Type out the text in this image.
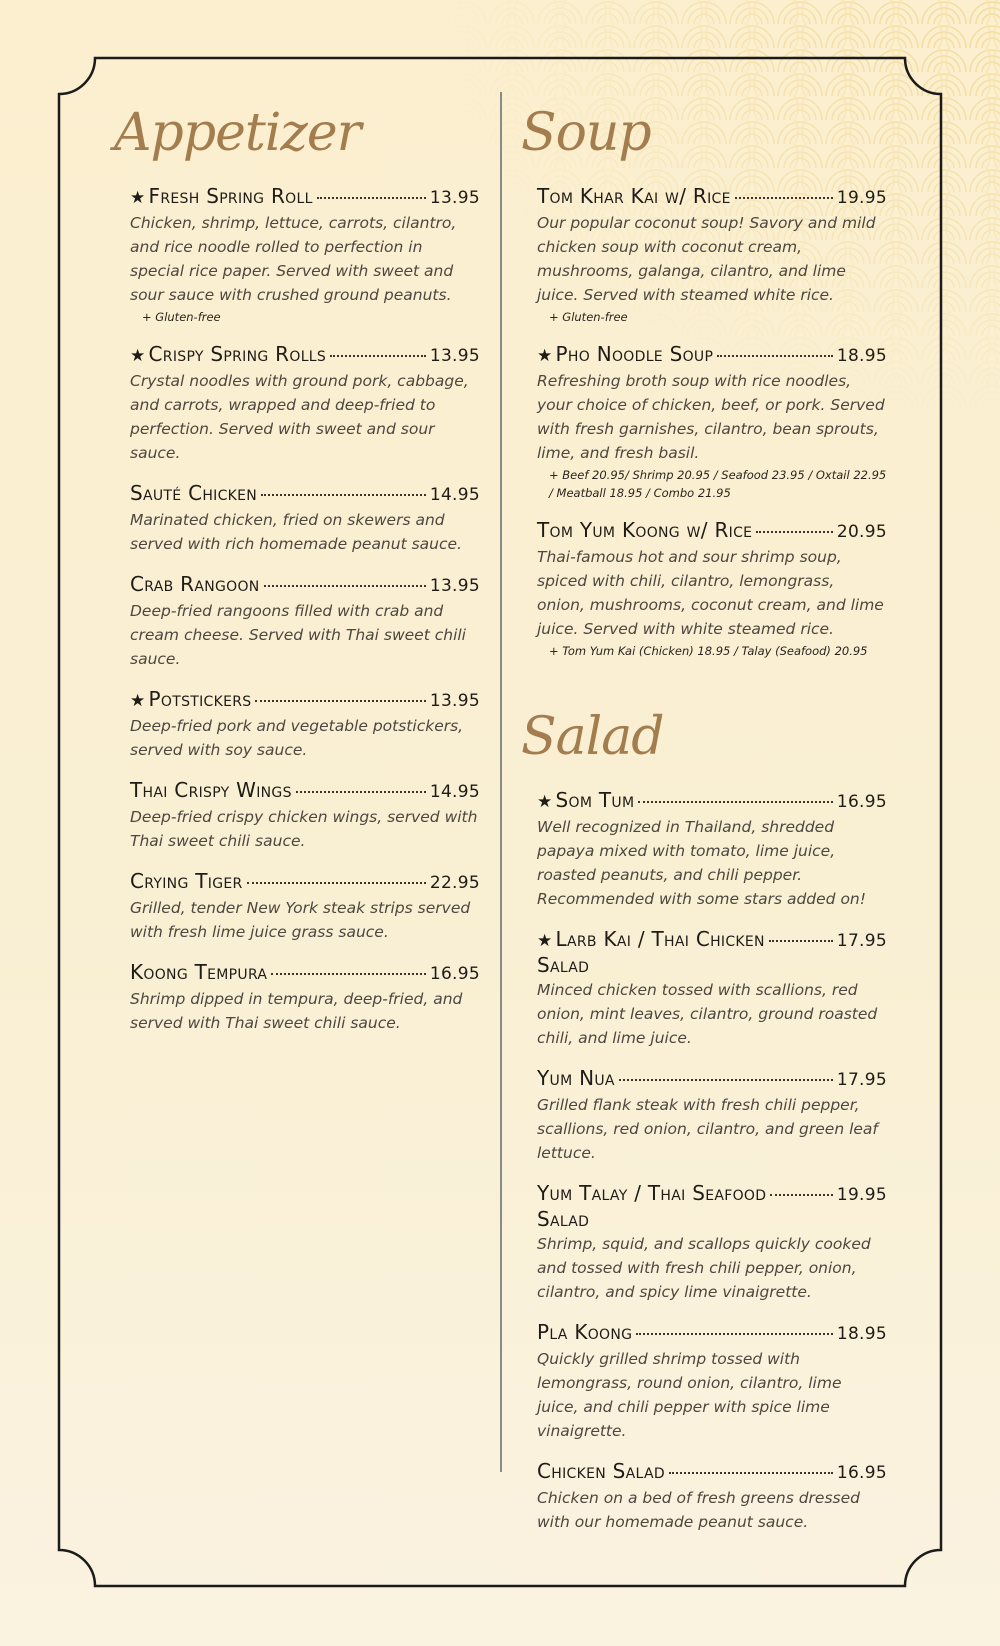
Appetizer
★ Fresh Spring Roll	13.95
Chicken, shrimp, lettuce, carrots, cilantro, and rice noodle rolled to perfection in special rice paper. Served with sweet and sour sauce with crushed ground peanuts.
+ Gluten-free
★ Crispy Spring Rolls	13.95
Crystal noodles with ground pork, cabbage, and carrots, wrapped and deep-fried to perfection. Served with sweet and sour sauce.
Sauté Chicken	14.95
Marinated chicken, fried on skewers and served with rich homemade peanut sauce.
Crab Rangoon	13.95
Deep-fried rangoons filled with crab and cream cheese. Served with Thai sweet chili sauce.
★ Potstickers	13.95
Deep-fried pork and vegetable potstickers, served with soy sauce.
Thai Crispy Wings	14.95
Deep-fried crispy chicken wings, served with Thai sweet chili sauce.
Crying Tiger	22.95
Grilled, tender New York steak strips served with fresh lime juice grass sauce.
Koong Tempura	16.95
Shrimp dipped in tempura, deep-fried, and served with Thai sweet chili sauce.
Soup
Tom Khar Kai w/ Rice	19.95
Our popular coconut soup! Savory and mild chicken soup with coconut cream, mushrooms, galanga, cilantro, and lime juice. Served with steamed white rice.
+ Gluten-free
★ Pho Noodle Soup	18.95
Refreshing broth soup with rice noodles, your choice of chicken, beef, or pork. Served with fresh garnishes, cilantro, bean sprouts, lime, and fresh basil.
+ Beef 20.95/ Shrimp 20.95 / Seafood 23.95 / Oxtail 22.95 / Meatball 18.95 / Combo 21.95
Tom Yum Koong w/ Rice	20.95
Thai-famous hot and sour shrimp soup, spiced with chili, cilantro, lemongrass, onion, mushrooms, coconut cream, and lime juice. Served with white steamed rice.
+ Tom Yum Kai (Chicken) 18.95 / Talay (Seafood) 20.95
Salad
★ Som Tum	16.95
Well recognized in Thailand, shredded papaya mixed with tomato, lime juice, roasted peanuts, and chili pepper. Recommended with some stars added on!
★ Larb Kai / Thai Chicken	17.95
Salad
Minced chicken tossed with scallions, red onion, mint leaves, cilantro, ground roasted chili, and lime juice.
Yum Nua	17.95
Grilled flank steak with fresh chili pepper, scallions, red onion, cilantro, and green leaf lettuce.
Yum Talay / Thai Seafood	19.95
Salad
Shrimp, squid, and scallops quickly cooked and tossed with fresh chili pepper, onion, cilantro, and spicy lime vinaigrette.
Pla Koong	18.95
Quickly grilled shrimp tossed with lemongrass, round onion, cilantro, lime juice, and chili pepper with spice lime vinaigrette.
Chicken Salad	16.95
Chicken on a bed of fresh greens dressed with our homemade peanut sauce.
